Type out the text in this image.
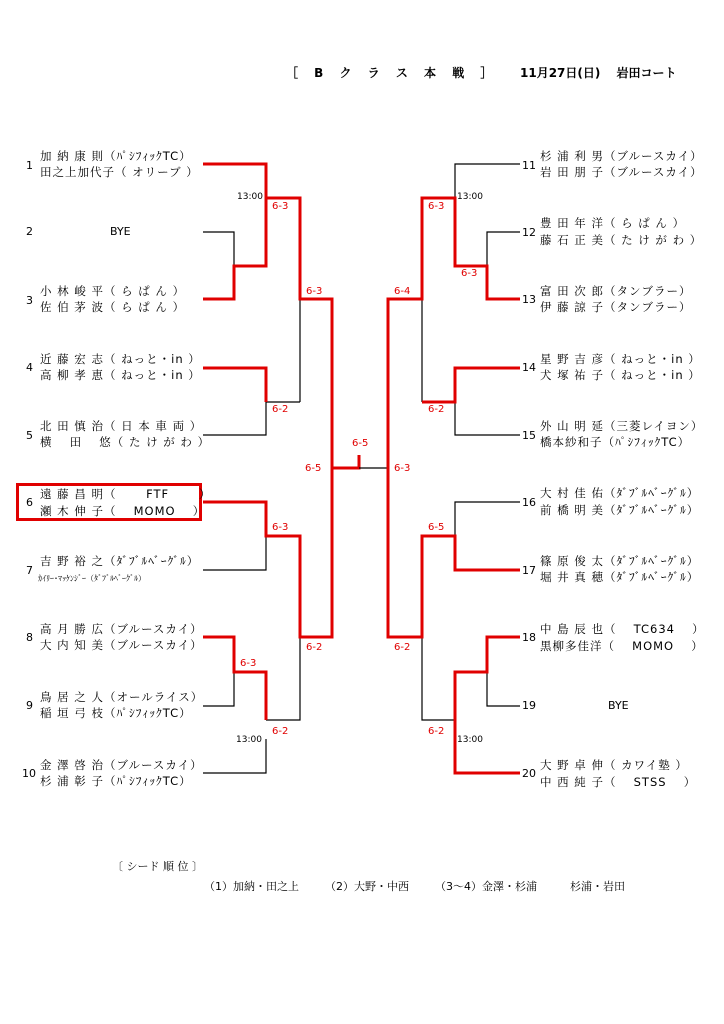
［ B ク ラ ス 本 戦 ］ 11月27日(日)　 岩田コート
1
加 納 康 則（ﾊﾟｼﾌｨｯｸTC）
田之上加代子（ オリーブ ）
2	BYE
3
小 林 峻 平（ ら ぱ ん ）
佐 伯 茅 波（ ら ぱ ん ）
4
近 藤 宏 志（ ねっと・in ）
高 柳 孝 恵（ ねっと・in ）
5
北 田 慎 治（ 日 本 車 両 ）
横　 田　 悠（ た け が わ ）
6
遠 藤 昌 明（　　 FTF　　 ）
瀬 木 伸 子（　 MOMO　 ）
7
吉 野 裕 之（ﾀﾞﾌﾞﾙﾍﾞｰｸﾞﾙ）
ｶｲﾘｰ･ﾏｯｹﾝｼﾞｰ（ﾀﾞﾌﾞﾙﾍﾞｰｸﾞﾙ）
8
高 月 勝 広（ブルースカイ）
大 内 知 美（ブルースカイ）
9
鳥 居 之 人（オールライス）
稲 垣 弓 枝（ﾊﾟｼﾌｨｯｸTC）
10
金 澤 啓 治（ブルースカイ）
杉 浦 彰 子（ﾊﾟｼﾌｨｯｸTC）
11
杉 浦 利 男（ブルースカイ）
岩 田 朋 子（ブルースカイ）
12
豊 田 年 洋（ ら ぱ ん ）
藤 石 正 美（ た け が わ ）
13
富 田 次 郎（タンブラー）
伊 藤 諒 子（タンブラー）
14
星 野 吉 彦（ ねっと・in ）
犬 塚 祐 子（ ねっと・in ）
15
外 山 明 延（三菱レイヨン）
橋本紗和子（ﾊﾟｼﾌｨｯｸTC）
16
大 村 佳 佑（ﾀﾞﾌﾞﾙﾍﾞｰｸﾞﾙ）
前 橋 明 美（ﾀﾞﾌﾞﾙﾍﾞｰｸﾞﾙ）
17
篠 原 俊 太（ﾀﾞﾌﾞﾙﾍﾞｰｸﾞﾙ）
堀 井 真 穂（ﾀﾞﾌﾞﾙﾍﾞｰｸﾞﾙ）
18
中 島 辰 也（　 TC634　 ）
黒柳多佳洋（　 MOMO　 ）
19	BYE
20
大 野 卓 伸（ カワイ塾 ）
中 西 純 子（　 STSS　 ）
6-3
6-3
6-2
6-5
6-5
6-3
6-2
6-3
6-2
6-3
6-3
6-4
6-2
6-3
6-5
6-2
6-2
13:00	13:00
13:00	13:00
〔 シード 順 位 〕
（1）加納・田之上 （2）大野・中西 （3～4）金澤・杉浦	杉浦・岩田
